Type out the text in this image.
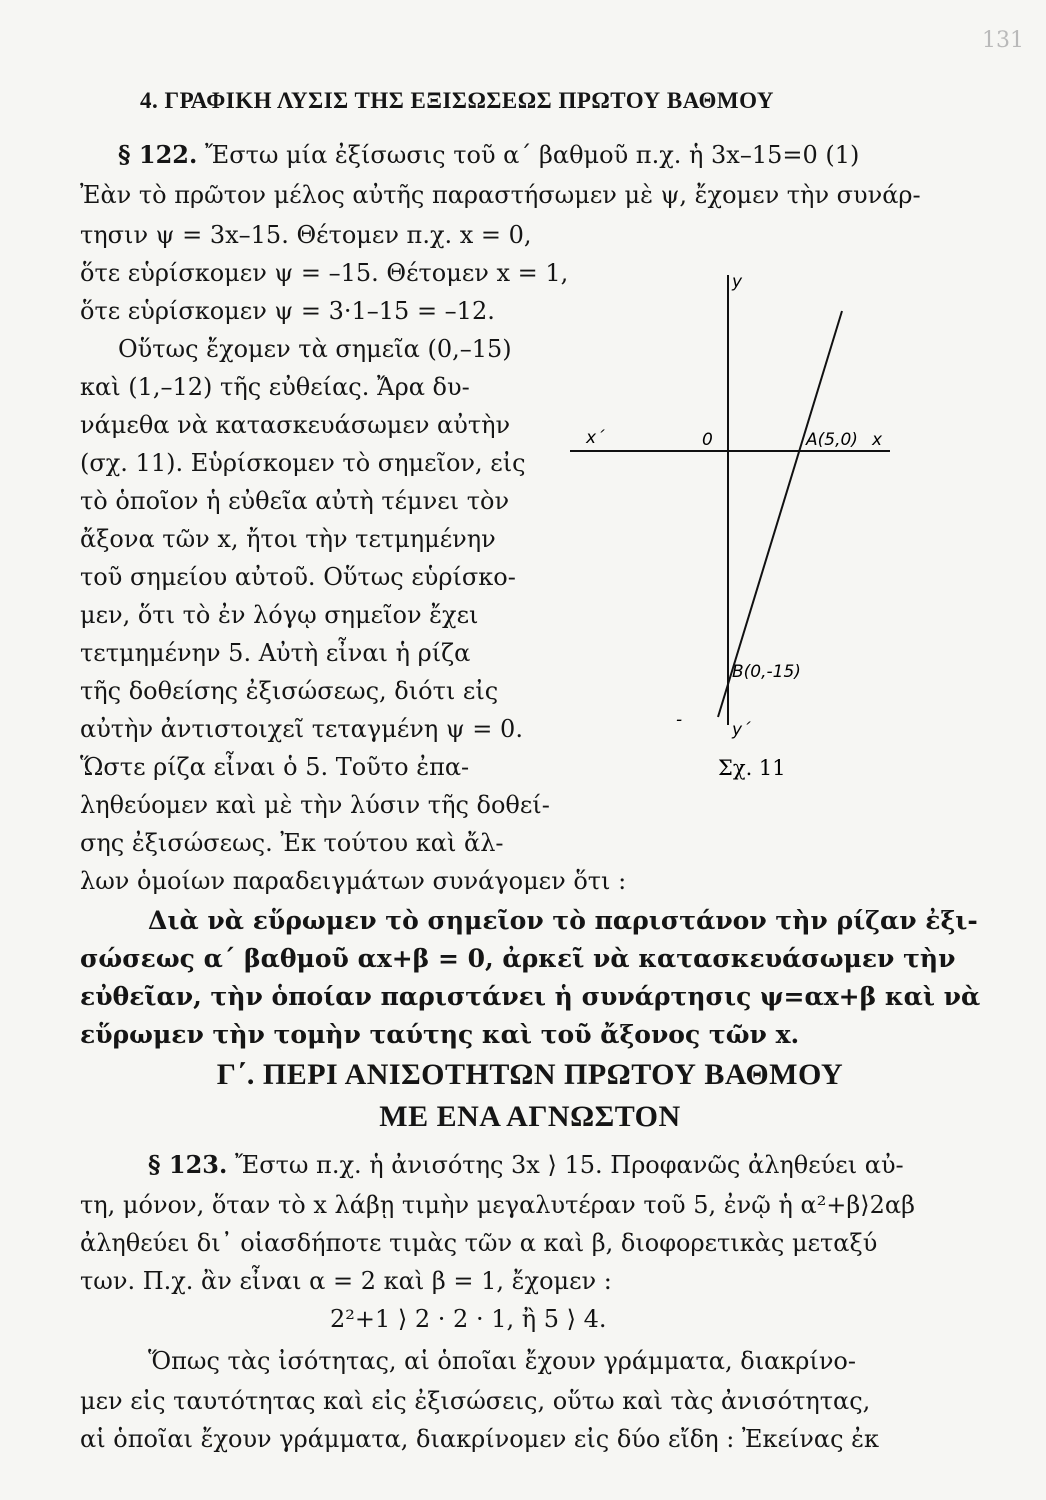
131
4. ΓΡΑΦΙΚΗ ΛΥΣΙΣ ΤΗΣ ΕΞΙΣΩΣΕΩΣ ΠΡΩΤΟΥ ΒΑΘΜΟΥ

§ 122. Ἔστω μία ἐξίσωσις τοῦ α΄ βαθμοῦ π.χ. ἡ 3x–15=0 (1)

Ἐὰν τὸ πρῶτον μέλος αὐτῆς παραστήσωμεν μὲ ψ, ἔχομεν τὴν συνάρ-

τησιν ψ = 3x–15. Θέτομεν π.χ. x = 0,

ὅτε εὑρίσκομεν ψ = –15. Θέτομεν x = 1,

ὅτε εὑρίσκομεν ψ = 3·1–15 = –12.

Οὕτως ἔχομεν τὰ σημεῖα (0,–15)

καὶ (1,–12) τῆς εὐθείας. Ἄρα δυ-

νάμεθα νὰ κατασκευάσωμεν αὐτὴν

(σχ. 11). Εὑρίσκομεν τὸ σημεῖον, εἰς

τὸ ὁποῖον ἡ εὐθεῖα αὐτὴ τέμνει τὸν

ἄξονα τῶν x, ἤτοι τὴν τετμημένην

τοῦ σημείου αὐτοῦ. Οὕτως εὑρίσκο-

μεν, ὅτι τὸ ἐν λόγῳ σημεῖον ἔχει

τετμημένην 5. Αὐτὴ εἶναι ἡ ρίζα

τῆς δοθείσης ἐξισώσεως, διότι εἰς

αὐτὴν ἀντιστοιχεῖ τεταγμένη ψ = 0.

Ὥστε ρίζα εἶναι ὁ 5. Τοῦτο ἐπα-

ληθεύομεν καὶ μὲ τὴν λύσιν τῆς δοθεί-

σης ἐξισώσεως. Ἐκ τούτου καὶ ἄλ-

λων ὁμοίων παραδειγμάτων συνάγομεν ὅτι :

y
x΄	0	A(5,0) x
B(0,-15)
-	y΄
Σχ. 11

Διὰ νὰ εὕρωμεν τὸ σημεῖον τὸ παριστάνον τὴν ρίζαν ἐξι-

σώσεως α΄ βαθμοῦ αx+β = 0, ἀρκεῖ νὰ κατασκευάσωμεν τὴν

εὐθεῖαν, τὴν ὁποίαν παριστάνει ἡ συνάρτησις ψ=αx+β καὶ νὰ

εὕρωμεν τὴν τομὴν ταύτης καὶ τοῦ ἄξονος τῶν x.

Γ΄. ΠΕΡΙ ΑΝΙΣΟΤΗΤΩΝ ΠΡΩΤΟΥ ΒΑΘΜΟΥ
ΜΕ ΕΝΑ ΑΓΝΩΣΤΟΝ

§ 123. Ἔστω π.χ. ἡ ἀνισότης 3x ⟩ 15. Προφανῶς ἀληθεύει αὐ-

τη, μόνον, ὅταν τὸ x λάβῃ τιμὴν μεγαλυτέραν τοῦ 5, ἐνῷ ἡ α²+β⟩2αβ

ἀληθεύει δι᾿ οἱασδήποτε τιμὰς τῶν α καὶ β, διοφορετικὰς μεταξύ

των. Π.χ. ἂν εἶναι α = 2 καὶ β = 1, ἔχομεν :

2²+1 ⟩ 2 · 2 · 1, ἢ 5 ⟩ 4.

Ὅπως τὰς ἰσότητας, αἱ ὁποῖαι ἔχουν γράμματα, διακρίνο-

μεν εἰς ταυτότητας καὶ εἰς ἐξισώσεις, οὕτω καὶ τὰς ἀνισότητας,

αἱ ὁποῖαι ἔχουν γράμματα, διακρίνομεν εἰς δύο εἴδη : Ἐκείνας ἐκ
